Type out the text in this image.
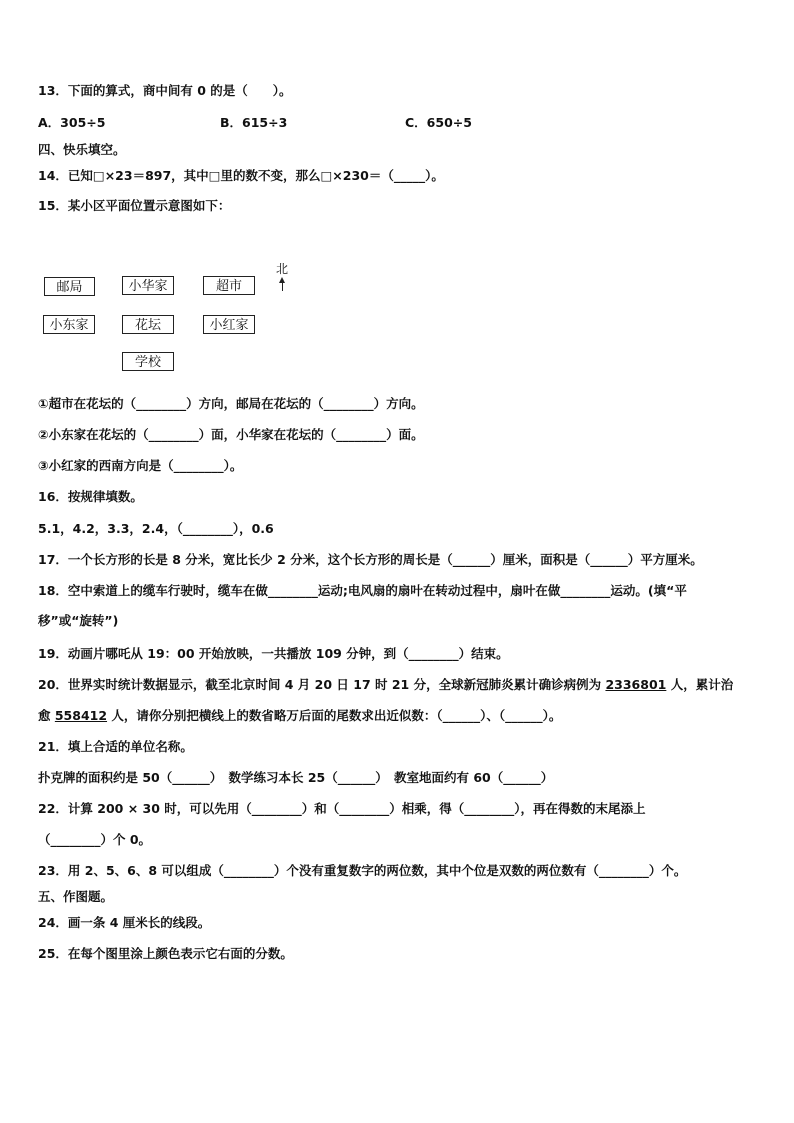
13．下面的算式，商中间有 0 的是（　　）。
A．305÷5	B．615÷3	C．650÷5
四、快乐填空。
14．已知□×23＝897，其中□里的数不变，那么□×230＝（_____）。
15．某小区平面位置示意图如下：
邮局	小华家	超市
小东家	花坛	小红家
学校
北
①超市在花坛的（________）方向，邮局在花坛的（________）方向。
②小东家在花坛的（________）面，小华家在花坛的（________）面。
③小红家的西南方向是（________）。
16．按规律填数。
5.1，4.2，3.3，2.4，（________），0.6
17．一个长方形的长是 8 分米，宽比长少 2 分米，这个长方形的周长是（______）厘米，面积是（______）平方厘米。
18．空中索道上的缆车行驶时，缆车在做________运动;电风扇的扇叶在转动过程中，扇叶在做________运动。(填“平
移”或“旋转”)
19．动画片哪吒从 19：00 开始放映，一共播放 109 分钟，到（________）结束。
20．世界实时统计数据显示，截至北京时间 4 月 20 日 17 时 21 分，全球新冠肺炎累计确诊病例为 2336801 人，累计治
愈 558412 人，请你分别把横线上的数省略万后面的尾数求出近似数：（______）、（______）。
21．填上合适的单位名称。
扑克牌的面积约是 50（______）　数学练习本长 25（______）　教室地面约有 60（______）
22．计算 200 × 30 时，可以先用（________）和（________）相乘，得（________），再在得数的末尾添上
（________）个 0。
23．用 2、5、6、8 可以组成（________）个没有重复数字的两位数，其中个位是双数的两位数有（________）个。
五、作图题。
24．画一条 4 厘米长的线段。
25．在每个图里涂上颜色表示它右面的分数。
